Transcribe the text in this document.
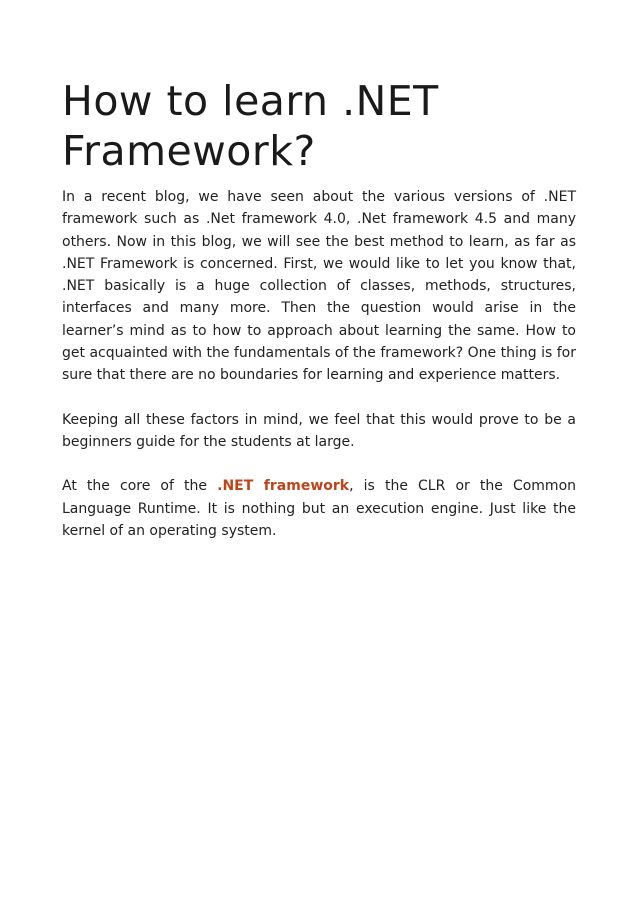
How to learn .NET Framework?

In a recent blog, we have seen about the various versions of .NET framework such as .Net framework 4.0, .Net framework 4.5 and many others. Now in this blog, we will see the best method to learn, as far as .NET Framework is concerned. First, we would like to let you know that, .NET basically is a huge collection of classes, methods, structures, interfaces and many more. Then the question would arise in the learner’s mind as to how to approach about learning the same. How to get acquainted with the fundamentals of the framework? One thing is for sure that there are no boundaries for learning and experience matters.

Keeping all these factors in mind, we feel that this would prove to be a beginners guide for the students at large.

At the core of the .NET framework, is the CLR or the Common Language Runtime. It is nothing but an execution engine. Just like the kernel of an operating system.
